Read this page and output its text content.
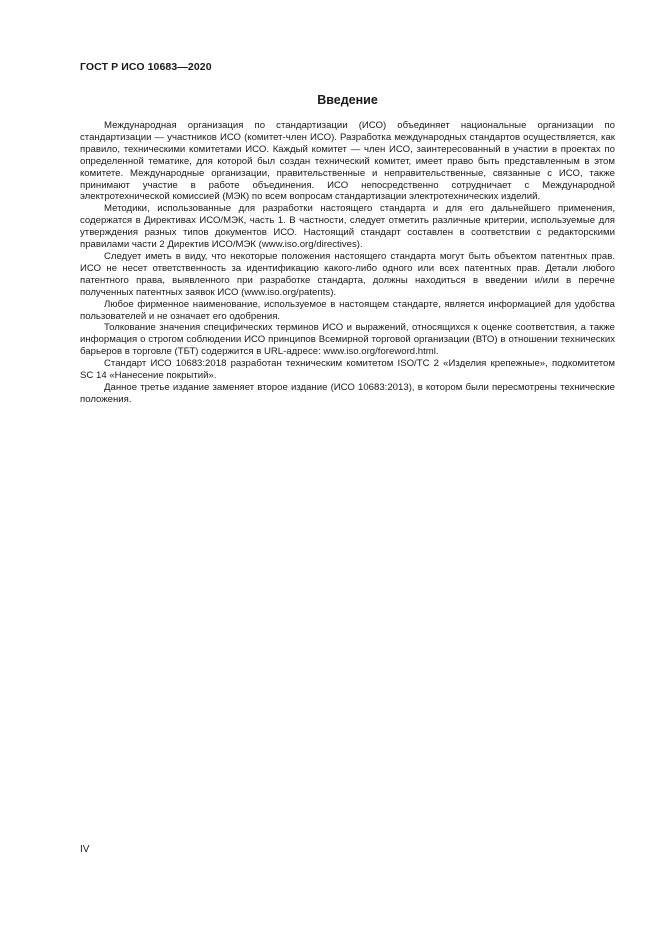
ГОСТ Р ИСО 10683—2020
Введение

Международная организация по стандартизации (ИСО) объединяет национальные организации по стандартизации — участников ИСО (комитет-член ИСО). Разработка международных стандартов осуществляется, как правило, техническими комитетами ИСО. Каждый комитет — член ИСО, заинтересованный в участии в проектах по определенной тематике, для которой был создан технический комитет, имеет право быть представленным в этом комитете. Международные организации, правительственные и неправительственные, связанные с ИСО, также принимают участие в работе объединения. ИСО непосредственно сотрудничает с Международной электротехнической комиссией (МЭК) по всем вопросам стандартизации электротехнических изделий.

Методики, использованные для разработки настоящего стандарта и для его дальнейшего применения, содержатся в Директивах ИСО/МЭК, часть 1. В частности, следует отметить различные критерии, используемые для утверждения разных типов документов ИСО. Настоящий стандарт составлен в соответствии с редакторскими правилами части 2 Директив ИСО/МЭК (www.iso.org/directives).

Следует иметь в виду, что некоторые положения настоящего стандарта могут быть объектом патентных прав. ИСО не несет ответственность за идентификацию какого-либо одного или всех патентных прав. Детали любого патентного права, выявленного при разработке стандарта, должны находиться в введении и/или в перечне полученных патентных заявок ИСО (www.iso.org/patents).

Любое фирменное наименование, используемое в настоящем стандарте, является информацией для удобства пользователей и не означает его одобрения.

Толкование значения специфических терминов ИСО и выражений, относящихся к оценке соответствия, а также информация о строгом соблюдении ИСО принципов Всемирной торговой организации (ВТО) в отношении технических барьеров в торговле (ТБТ) содержится в URL-адресе: www.iso.org/foreword.html.

Стандарт ИСО 10683:2018 разработан техническим комитетом ISO/TC 2 «Изделия крепежные», подкомитетом SC 14 «Нанесение покрытий».

Данное третье издание заменяет второе издание (ИСО 10683:2013), в котором были пересмотрены технические положения.

IV
